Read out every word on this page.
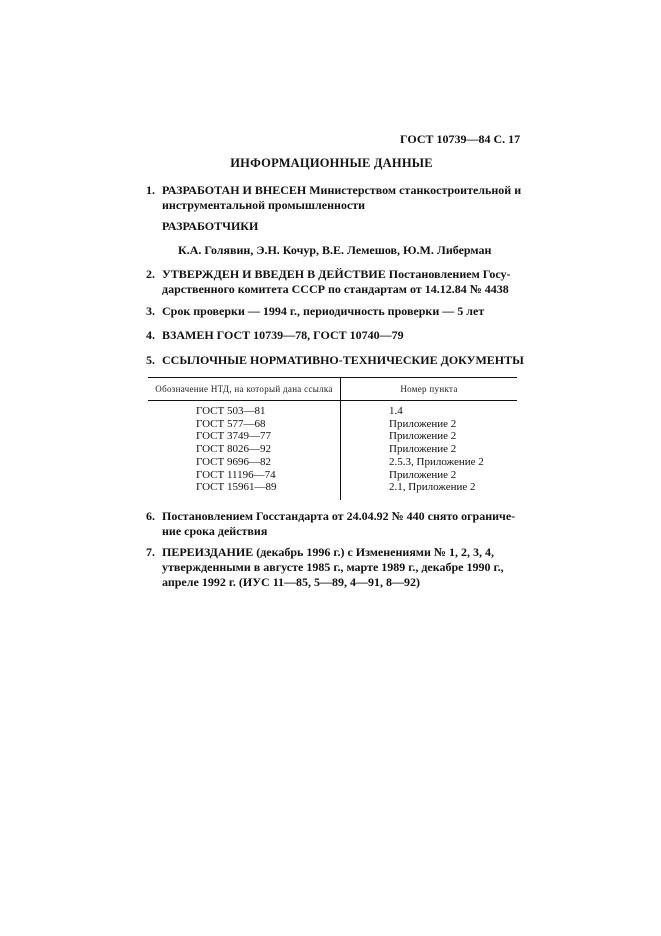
ГОСТ 10739—84 С. 17
ИНФОРМАЦИОННЫЕ ДАННЫЕ
1. РАЗРАБОТАН И ВНЕСЕН Министерством станкостроительной и
инструментальной промышленности
РАЗРАБОТЧИКИ
К.А. Голявин, Э.Н. Кочур, В.Е. Лемешов, Ю.М. Либерман
2. УТВЕРЖДЕН И ВВЕДЕН В ДЕЙСТВИЕ Постановлением Госу-
дарственного комитета СССР по стандартам от 14.12.84 № 4438
3. Срок проверки — 1994 г., периодичность проверки — 5 лет
4. ВЗАМЕН ГОСТ 10739—78, ГОСТ 10740—79
5. ССЫЛОЧНЫЕ НОРМАТИВНО-ТЕХНИЧЕСКИЕ ДОКУМЕНТЫ
Обозначение НТД, на который дана ссылка	Номер пункта
ГОСТ 503—81	1.4
ГОСТ 577—68	Приложение 2
ГОСТ 3749—77	Приложение 2
ГОСТ 8026—92	Приложение 2
ГОСТ 9696—82	2.5.3, Приложение 2
ГОСТ 11196—74	Приложение 2
ГОСТ 15961—89	2.1, Приложение 2
6. Постановлением Госстандарта от 24.04.92 № 440 снято ограниче-
ние срока действия
7. ПЕРЕИЗДАНИЕ (декабрь 1996 г.) с Изменениями № 1, 2, 3, 4,
утвержденными в августе 1985 г., марте 1989 г., декабре 1990 г.,
апреле 1992 г. (ИУС 11—85, 5—89, 4—91, 8—92)
